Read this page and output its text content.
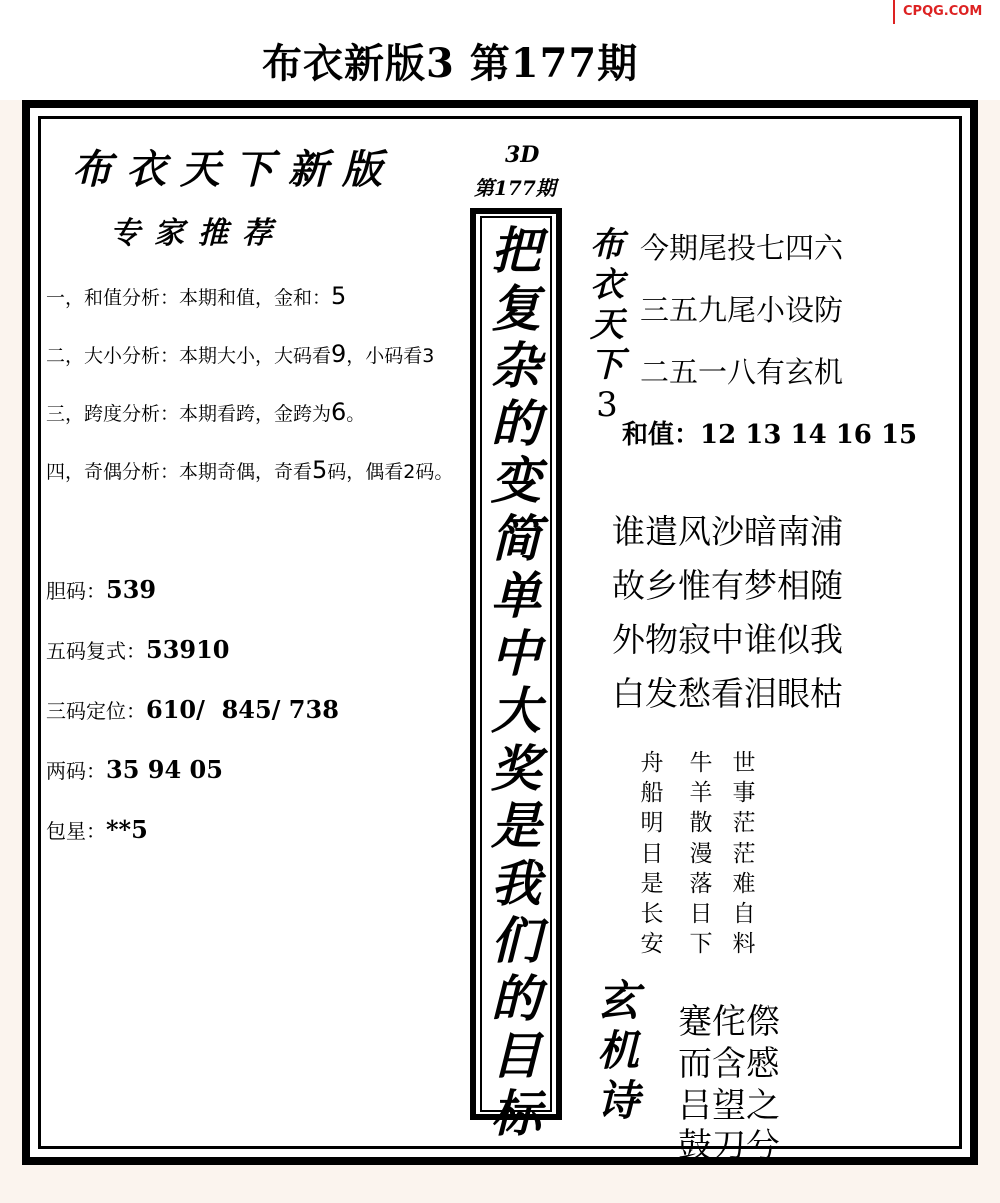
布衣新版3 第177期
CPQG.COM
布衣天下新版
专家推荐
一，和值分析：本期和值，金和：5
二，大小分析：本期大小，大码看9，小码看3
三，跨度分析：本期看跨，金跨为6。
四，奇偶分析：本期奇偶，奇看5码，偶看2码。
胆码：539
五码复式：53910
三码定位：610/  845/ 738
两码：35 94 05
包星：**5
3D
第177期
把
复
杂
的
变
简
单
中
大
奖
是
我
们
的
目
标
布
衣
天
下
3
今期尾投七四六
三五九尾小设防
二五一八有玄机
和值：12 13 14 16 15
谁遣风沙暗南浦
故乡惟有梦相随
外物寂中谁似我
白发愁看泪眼枯
舟
船
明
日
是
长
安
牛
羊
散
漫
落
日
下
世
事
茫
茫
难
自
料
玄
机
诗
蹇侘傺
而含慼
吕望之
鼓刀兮
